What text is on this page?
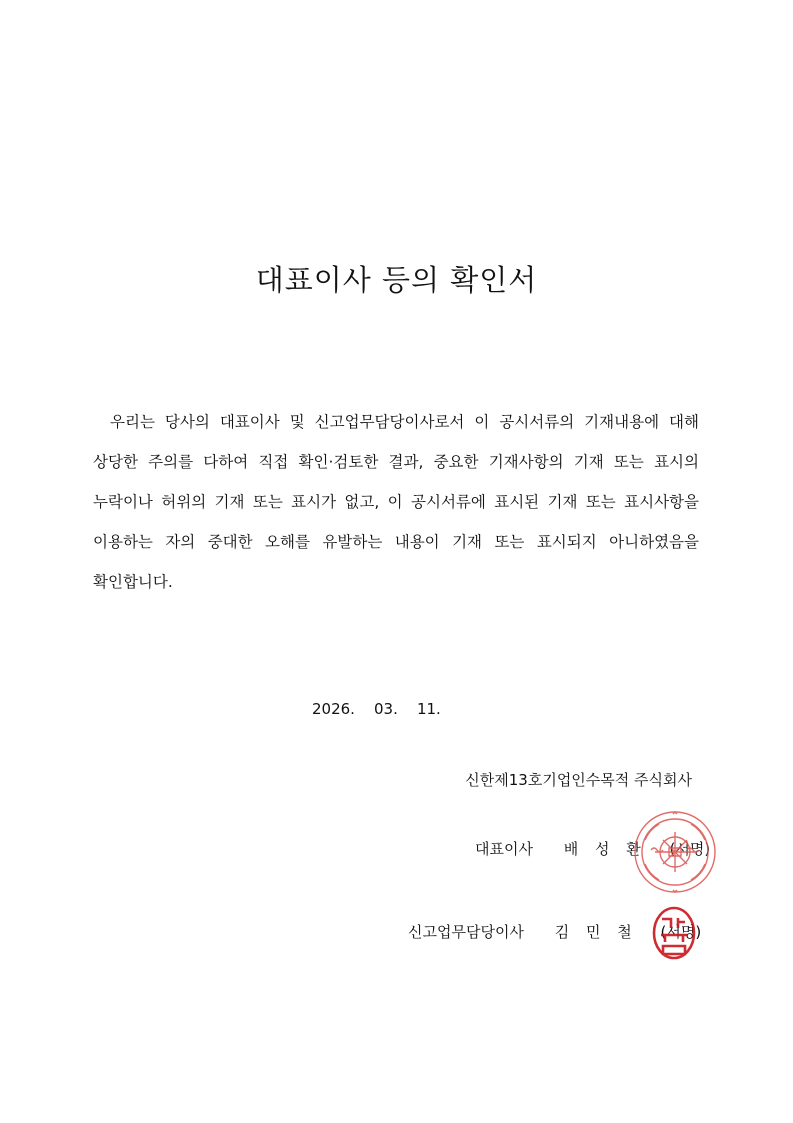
대표이사 등의 확인서

우리는 당사의 대표이사 및 신고업무담당이사로서 이 공시서류의 기재내용에 대해 상당한 주의를 다하여 직접 확인·검토한 결과, 중요한 기재사항의 기재 또는 표시의 누락이나 허위의 기재 또는 표시가 없고, 이 공시서류에 표시된 기재 또는 표시사항을 이용하는 자의 중대한 오해를 유발하는 내용이 기재 또는 표시되지 아니하였음을 확인합니다.

2026.    03.    11.
신한제13호기업인수목적 주식회사
대표이사 배 성 환 (서명)
신고업무담당이사 김 민 철 (서명)
